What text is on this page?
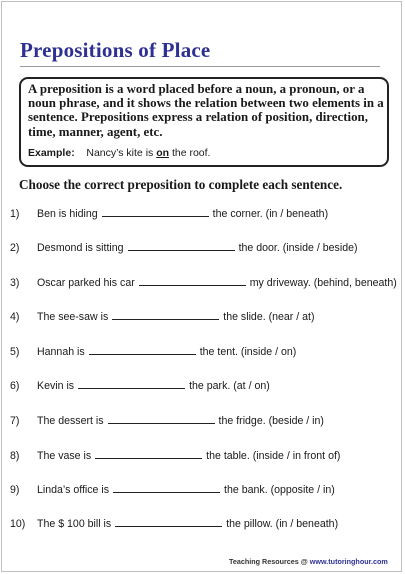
Prepositions of Place
A preposition is a word placed before a noun, a pronoun, or a noun phrase, and it shows the relation between two elements in a sentence. Prepositions express a relation of position, direction, time, manner, agent, etc.
Example: Nancy’s kite is on the roof.
Choose the correct preposition to complete each sentence.
1) Ben is hiding	the corner. (in / beneath)
2) Desmond is sitting	the door. (inside / beside)
3) Oscar parked his car	my driveway. (behind, beneath)
4) The see-saw is	the slide. (near / at)
5) Hannah is	the tent. (inside / on)
6) Kevin is	the park. (at / on)
7) The dessert is	the fridge. (beside / in)
8) The vase is	the table. (inside / in front of)
9) Linda’s office is	the bank. (opposite / in)
10) The $ 100 bill is	the pillow. (in / beneath)
Teaching Resources @ www.tutoringhour.com
